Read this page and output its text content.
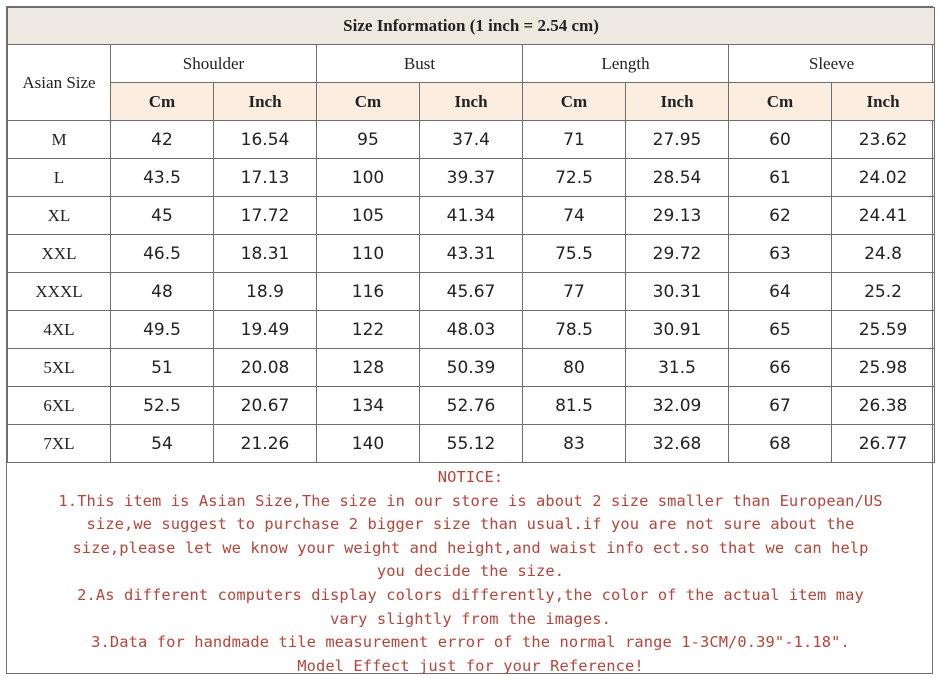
Size Information (1 inch = 2.54 cm)								
Asian Size	Shoulder		Bust		Length		Sleeve	
	Cm	Inch	Cm	Inch	Cm	Inch	Cm	Inch
M	42	16.54	95	37.4	71	27.95	60	23.62
L	43.5	17.13	100	39.37	72.5	28.54	61	24.02
XL	45	17.72	105	41.34	74	29.13	62	24.41
XXL	46.5	18.31	110	43.31	75.5	29.72	63	24.8
XXXL	48	18.9	116	45.67	77	30.31	64	25.2
4XL	49.5	19.49	122	48.03	78.5	30.91	65	25.59
5XL	51	20.08	128	50.39	80	31.5	66	25.98
6XL	52.5	20.67	134	52.76	81.5	32.09	67	26.38
7XL	54	21.26	140	55.12	83	32.68	68	26.77
NOTICE:
1.This item is Asian Size,The size in our store is about 2 size smaller than European/US
size,we suggest to purchase 2 bigger size than usual.if you are not sure about the
size,please let we know your weight and height,and waist info ect.so that we can help
you decide the size.
2.As different computers display colors differently,the color of the actual item may
vary slightly from the images.
3.Data for handmade tile measurement error of the normal range 1-3CM/0.39"-1.18".
Model Effect just for your Reference!
